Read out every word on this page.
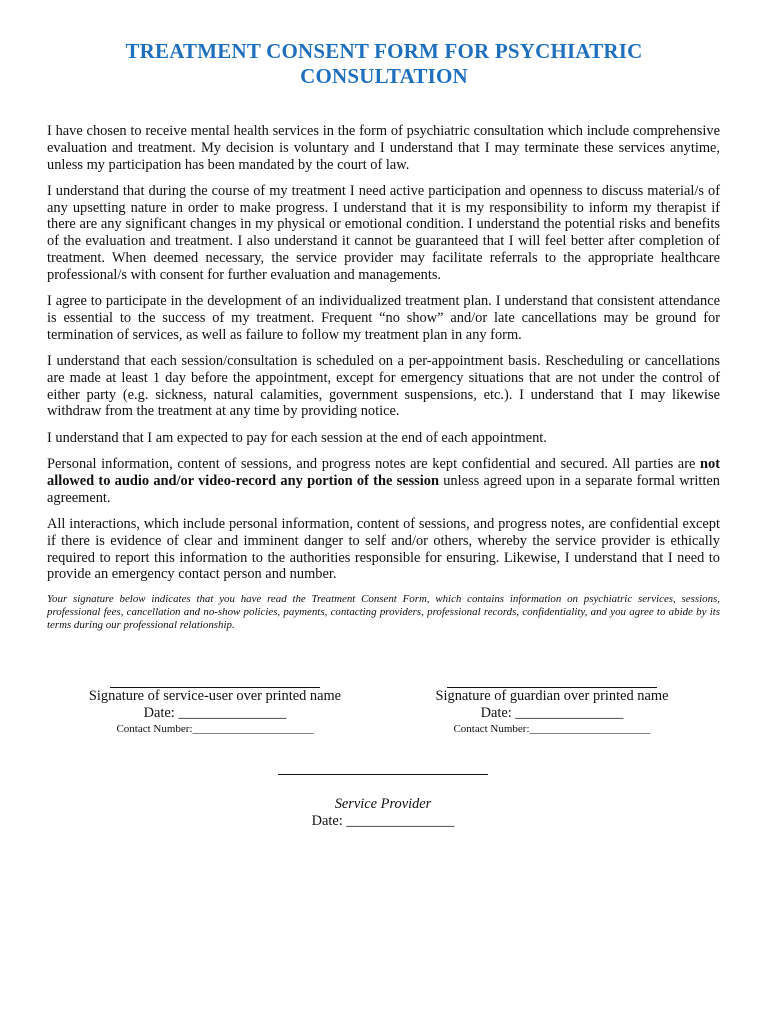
TREATMENT CONSENT FORM FOR PSYCHIATRIC
CONSULTATION

I have chosen to receive mental health services in the form of psychiatric consultation which include comprehensive evaluation and treatment. My decision is voluntary and I understand that I may terminate these services anytime, unless my participation has been mandated by the court of law.

I understand that during the course of my treatment I need active participation and openness to discuss material/s of any upsetting nature in order to make progress. I understand that it is my responsibility to inform my therapist if there are any significant changes in my physical or emotional condition. I understand the potential risks and benefits of the evaluation and treatment. I also understand it cannot be guaranteed that I will feel better after completion of treatment. When deemed necessary, the service provider may facilitate referrals to the appropriate healthcare professional/s with consent for further evaluation and managements.

I agree to participate in the development of an individualized treatment plan. I understand that consistent attendance is essential to the success of my treatment. Frequent “no show” and/or late cancellations may be ground for termination of services, as well as failure to follow my treatment plan in any form.

I understand that each session/consultation is scheduled on a per-appointment basis. Rescheduling or cancellations are made at least 1 day before the appointment, except for emergency situations that are not under the control of either party (e.g. sickness, natural calamities, government suspensions, etc.). I understand that I may likewise withdraw from the treatment at any time by providing notice.

I understand that I am expected to pay for each session at the end of each appointment.

Personal information, content of sessions, and progress notes are kept confidential and secured. All parties are not allowed to audio and/or video-record any portion of the session unless agreed upon in a separate formal written agreement.

All interactions, which include personal information, content of sessions, and progress notes, are confidential except if there is evidence of clear and imminent danger to self and/or others, whereby the service provider is ethically required to report this information to the authorities responsible for ensuring. Likewise, I understand that I need to provide an emergency contact person and number.

Your signature below indicates that you have read the Treatment Consent Form, which contains information on psychiatric services, sessions, professional fees, cancellation and no-show policies, payments, contacting providers, professional records, confidentiality, and you agree to abide by its terms during our professional relationship.

Signature of service-user over printed name
Date: _______________
Contact Number:______________________
Signature of guardian over printed name
Date: _______________
Contact Number:______________________
Service Provider
Date: _______________
